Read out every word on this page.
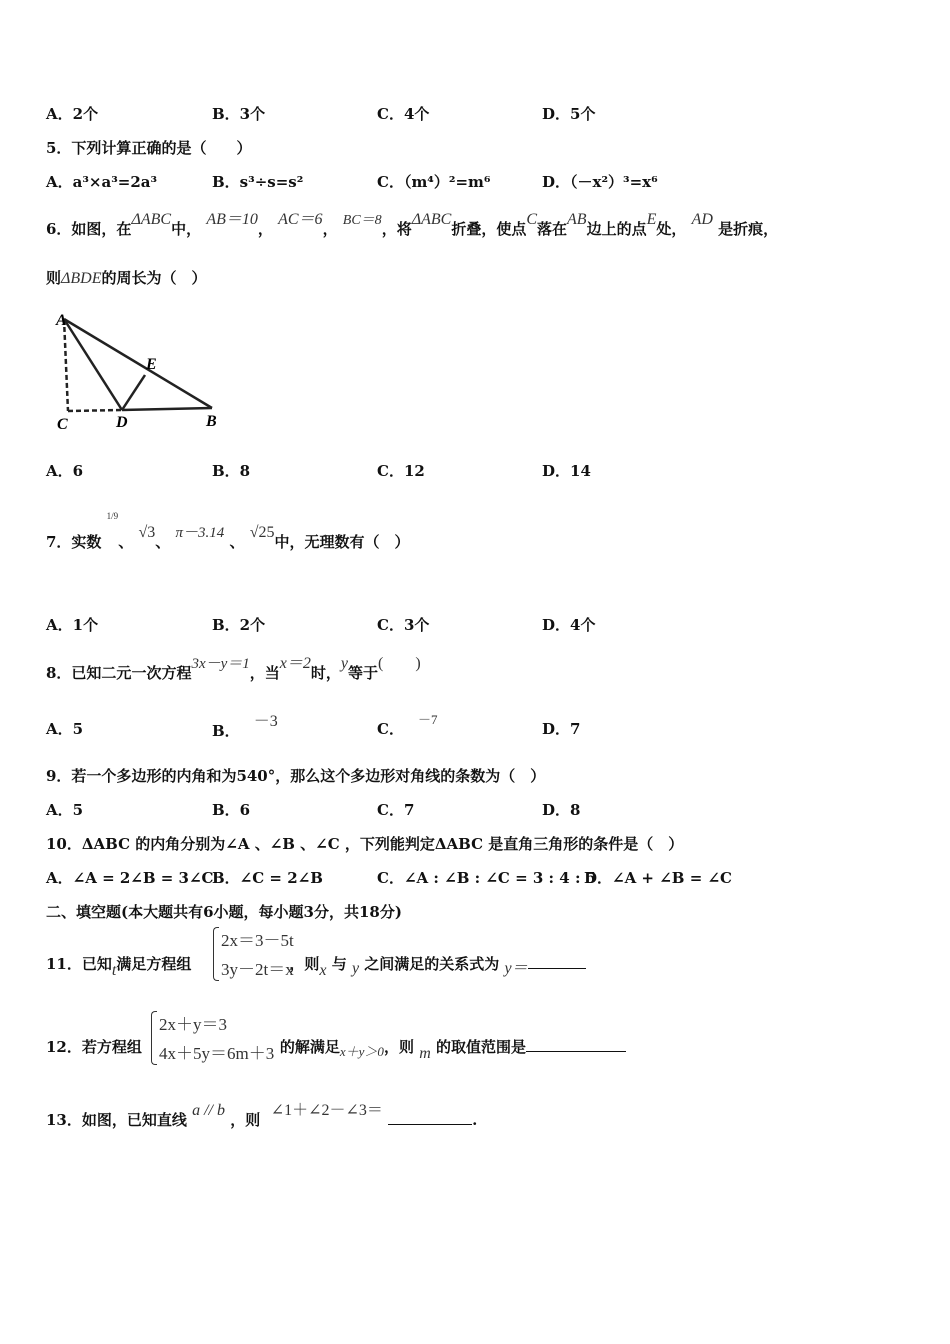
A．2个	B．3个	C．4个	D．5个
5．下列计算正确的是（　　）
A．a³×a³=2a³	B．s³÷s=s²	C．（m⁴）²=m⁶	D．（－x²）³=x⁶
6．如图，在ΔABC中， AB＝10， AC＝6， BC＝8，将ΔABC折叠，使点C落在AB边上的点E处， AD 是折痕，
则ΔBDE的周长为（　）
A
C	D
E
B
A．6	B．8	C．12	D．14
7．实数 $^{1/9}$、 √3、 π－3.14 、 √25中，无理数有（　）
A．1个	B．2个	C．3个	D．4个
8．已知二元一次方程3x－y＝1，当x＝2时，y等于(　　)
A．5	B．－3	C．－7
D．7
9．若一个多边形的内角和为540°，那么这个多边形对角线的条数为（　）
A．5	B．6	C．7	D．8
10．ΔABC 的内角分别为∠A 、∠B 、∠C ，下列能判定ΔABC 是直角三角形的条件是（　）
A．∠A = 2∠B = 3∠C
B．∠C = 2∠B	C．∠A : ∠B : ∠C = 3 : 4 : 5
D．∠A + ∠B = ∠C
二、填空题(本大题共有6小题，每小题3分，共18分)
11．已知t满足方程组	，则x 与 y 之间满足的关系式为 y＝
2x＝3－5t
3y－2t＝x
12．若方程组	的解满足x＋y＞0，则 m 的取值范围是
2x＋y＝3
4x＋5y＝6m＋3
13．如图，已知直线 a // b ，则  ∠1＋∠2－∠3＝ .
